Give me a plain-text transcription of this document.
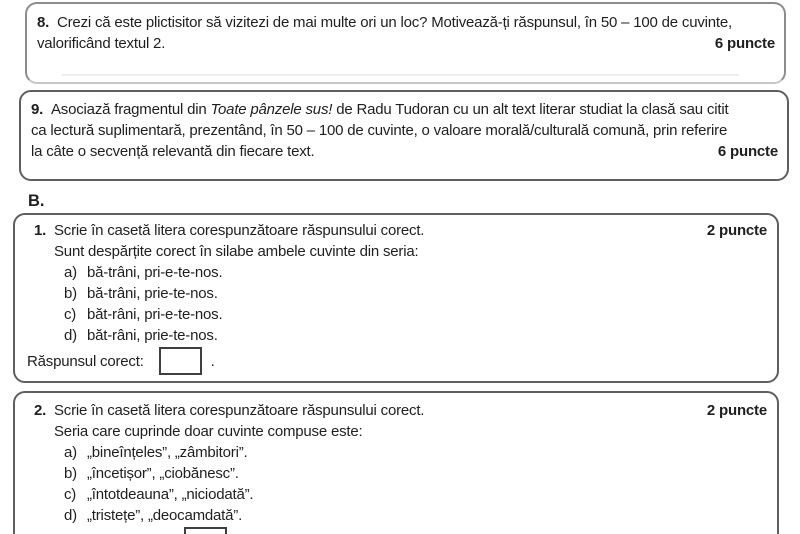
8. Crezi că este plictisitor să vizitezi de mai multe ori un loc? Motivează-ți răspunsul, în 50 – 100 de cuvinte,
valorificând textul 2.	6 puncte
9. Asociază fragmentul din Toate pânzele sus! de Radu Tudoran cu un alt text literar studiat la clasă sau citit
ca lectură suplimentară, prezentând, în 50 – 100 de cuvinte, o valoare morală/culturală comună, prin referire
la câte o secvență relevantă din fiecare text.	6 puncte
B.
1. Scrie în casetă litera corespunzătoare răspunsului corect.	2 puncte
Sunt despărțite corect în silabe ambele cuvinte din seria:
a) bă-trâni, pri-e-te-nos.
b) bă-trâni, prie-te-nos.
c) băt-râni, pri-e-te-nos.
d) băt-râni, prie-te-nos.
Răspunsul corect:	.
2. Scrie în casetă litera corespunzătoare răspunsului corect.	2 puncte
Seria care cuprinde doar cuvinte compuse este:
a) „bineînțeles”, „zâmbitori”.
b) „încetișor”, „ciobănesc”.
c) „întotdeauna”, „niciodată”.
d) „tristețe”, „deocamdată”.
